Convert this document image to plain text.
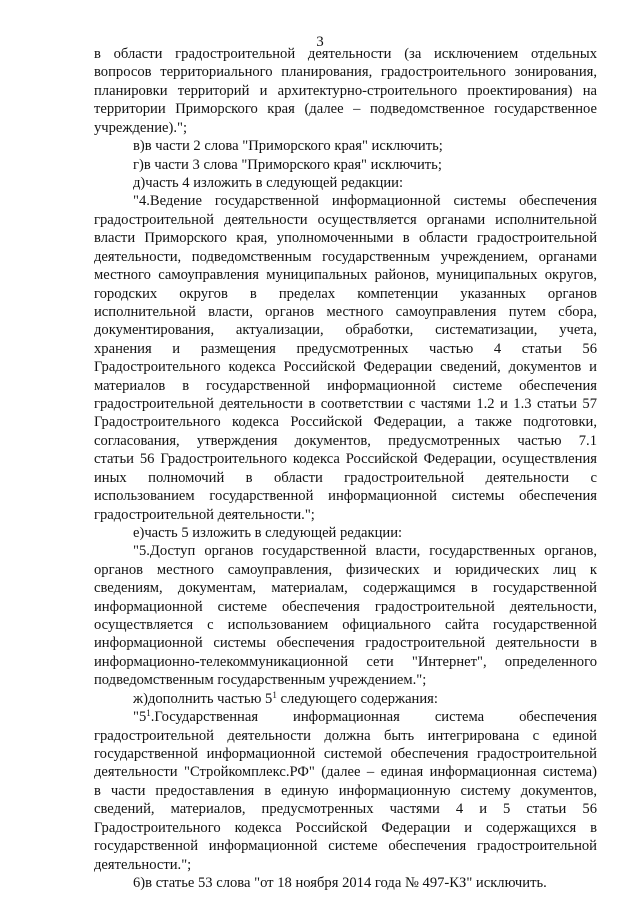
3
в области градостроительной деятельности (за исключением отдельных
вопросов территориального планирования, градостроительного зонирования,
планировки территорий и архитектурно-строительного проектирования) на
территории Приморского края (далее – подведомственное государственное
учреждение).";
в)в части 2 слова "Приморского края" исключить;
г)в части 3 слова "Приморского края" исключить;
д)часть 4 изложить в следующей редакции:
"4.Ведение государственной информационной системы обеспечения
градостроительной деятельности осуществляется органами исполнительной
власти Приморского края, уполномоченными в области градостроительной
деятельности, подведомственным государственным учреждением, органами
местного самоуправления муниципальных районов, муниципальных округов,
городских округов в пределах компетенции указанных органов
исполнительной власти, органов местного самоуправления путем сбора,
документирования, актуализации, обработки, систематизации, учета,
хранения и размещения предусмотренных частью 4 статьи 56
Градостроительного кодекса Российской Федерации сведений, документов и
материалов в государственной информационной системе обеспечения
градостроительной деятельности в соответствии с частями 1.2 и 1.3 статьи 57
Градостроительного кодекса Российской Федерации, а также подготовки,
согласования, утверждения документов, предусмотренных частью 7.1
статьи 56 Градостроительного кодекса Российской Федерации, осуществления
иных полномочий в области градостроительной деятельности с
использованием государственной информационной системы обеспечения
градостроительной деятельности.";
е)часть 5 изложить в следующей редакции:
"5.Доступ органов государственной власти, государственных органов,
органов местного самоуправления, физических и юридических лиц к
сведениям, документам, материалам, содержащимся в государственной
информационной системе обеспечения градостроительной деятельности,
осуществляется с использованием официального сайта государственной
информационной системы обеспечения градостроительной деятельности в
информационно-телекоммуникационной сети "Интернет", определенного
подведомственным государственным учреждением.";
ж)дополнить частью $5^1$ следующего содержания:
"$5^1.Государственная$ информационная система обеспечения
градостроительной деятельности должна быть интегрирована с единой
государственной информационной системой обеспечения градостроительной
деятельности "Стройкомплекс.РФ" (далее – единая информационная система)
в части предоставления в единую информационную систему документов,
сведений, материалов, предусмотренных частями 4 и 5 статьи 56
Градостроительного кодекса Российской Федерации и содержащихся в
государственной информационной системе обеспечения градостроительной
деятельности.";
6)в статье 53 слова "от 18 ноября 2014 года № 497-КЗ" исключить.
